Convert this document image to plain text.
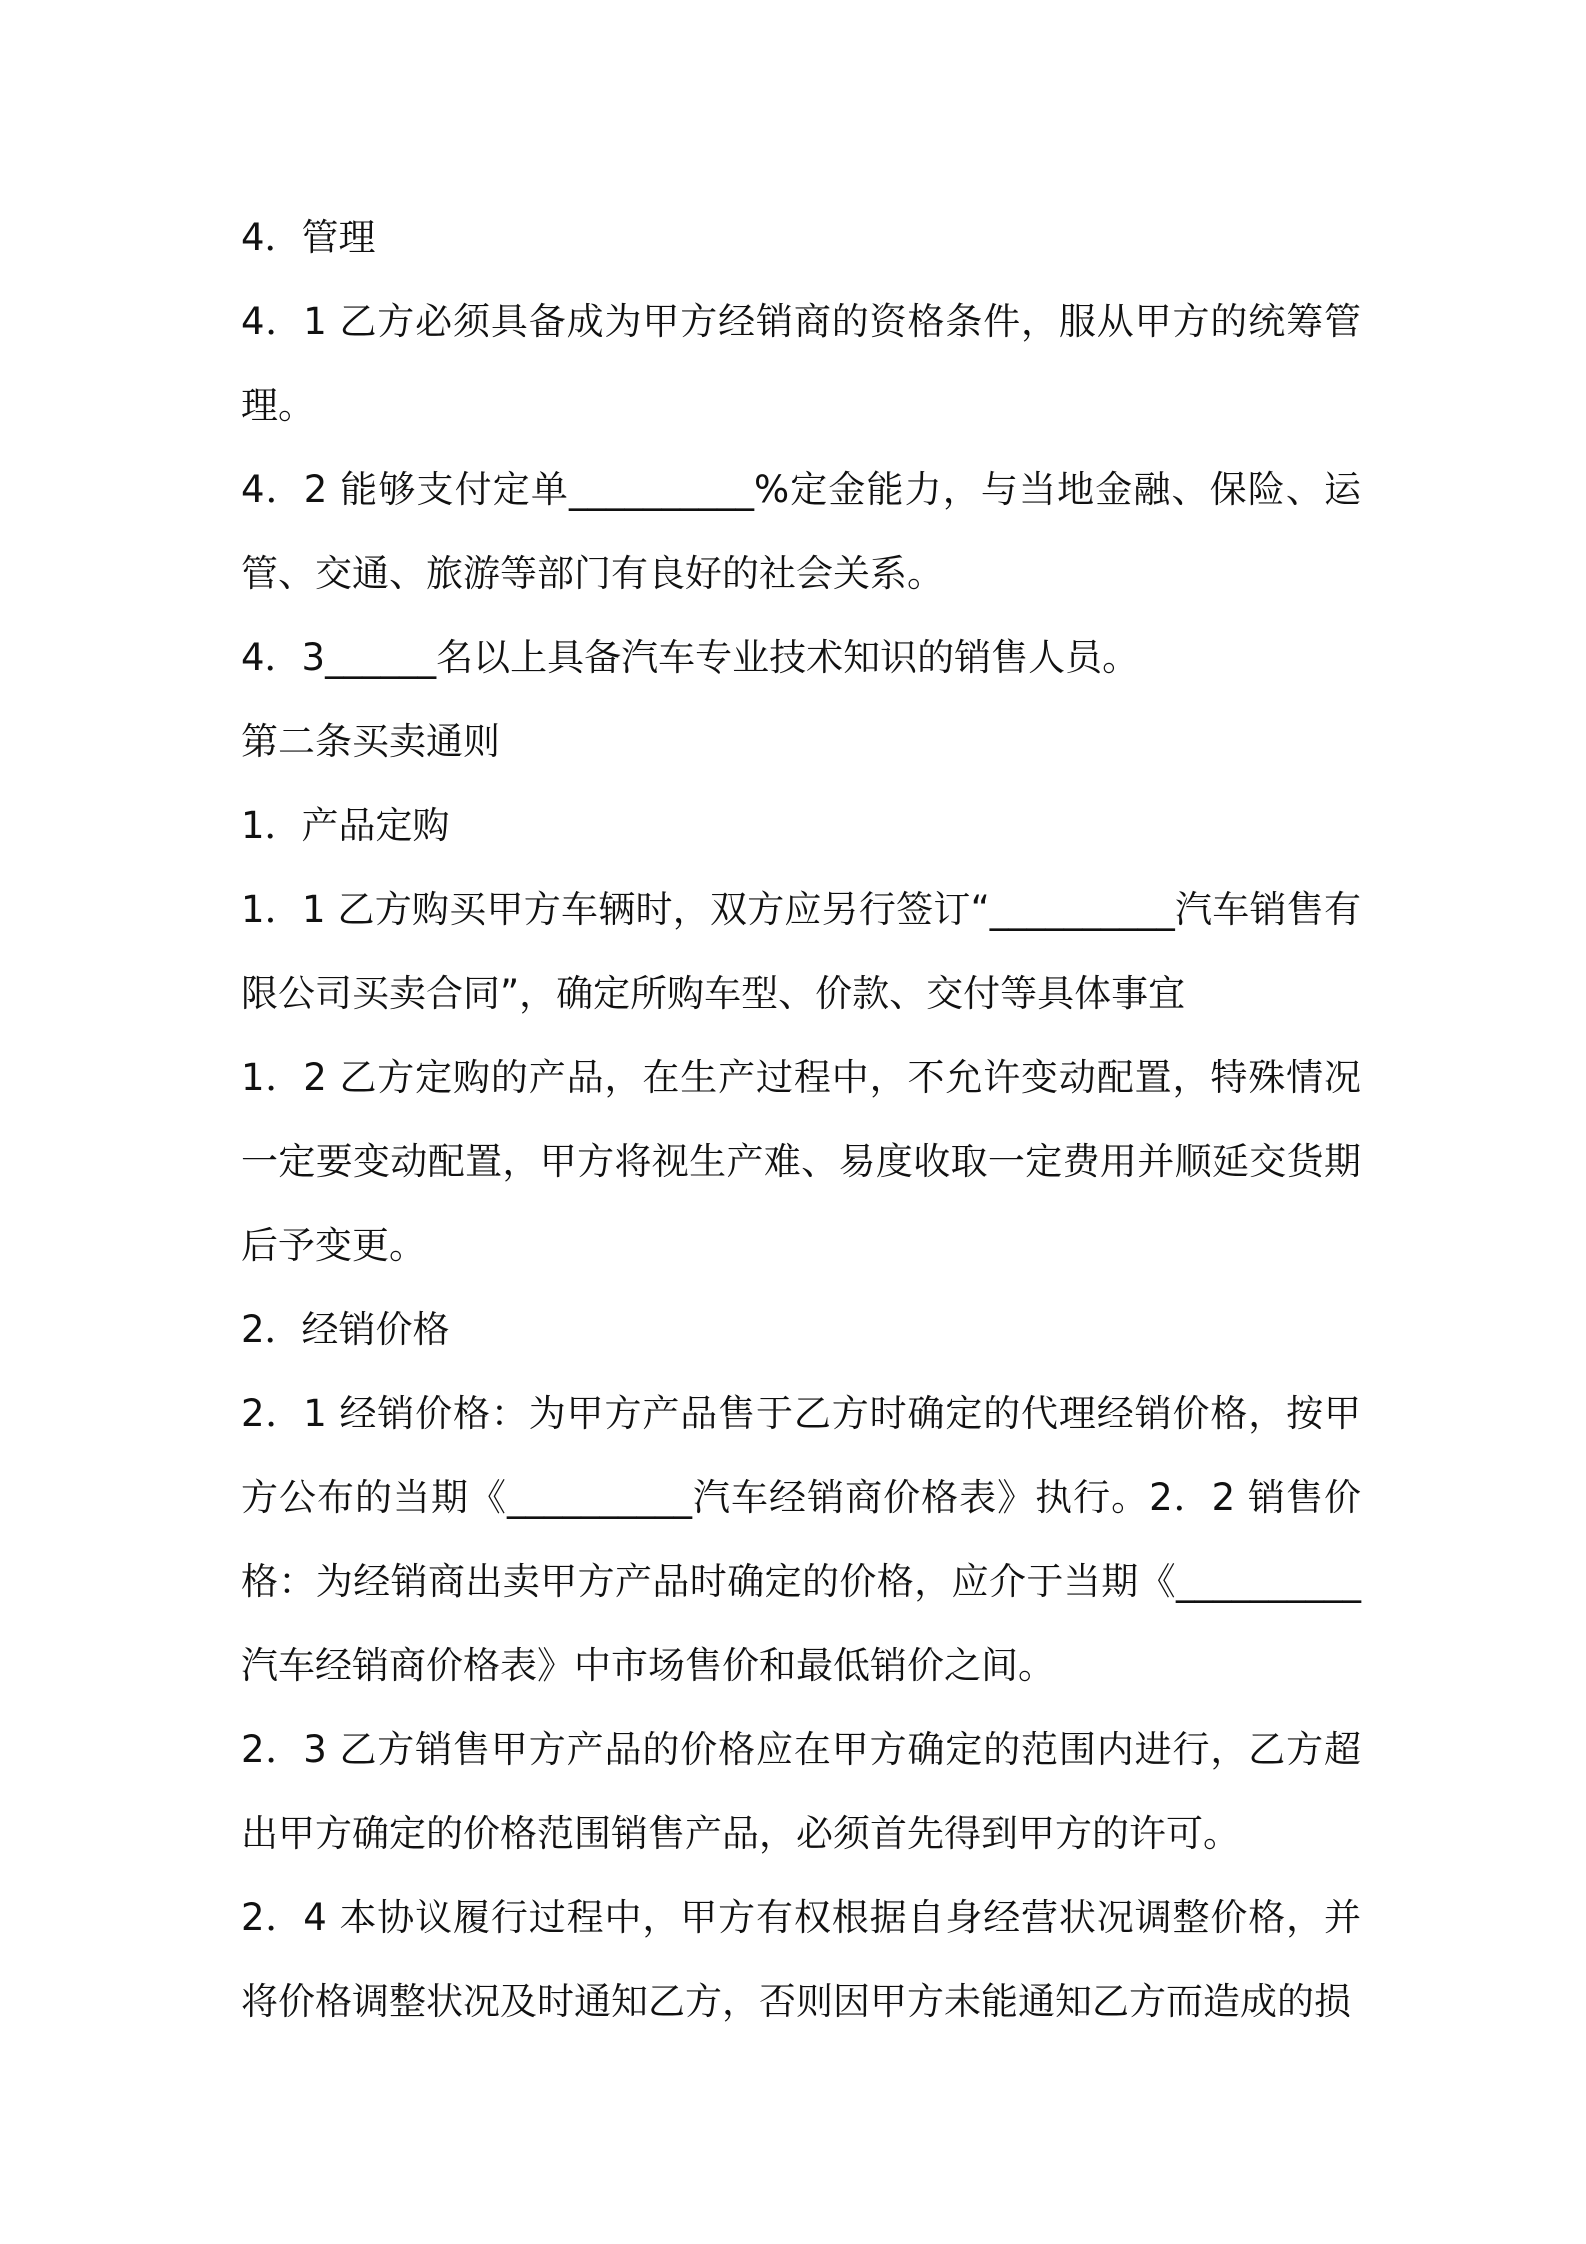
4．管理

4．1 乙方必须具备成为甲方经销商的资格条件，服从甲方的统筹管理。

4．2 能够支付定单__________%定金能力，与当地金融、保险、运管、交通、旅游等部门有良好的社会关系。

4．3______名以上具备汽车专业技术知识的销售人员。

第二条买卖通则

1．产品定购

1．1 乙方购买甲方车辆时，双方应另行签订“__________汽车销售有限公司买卖合同”，确定所购车型、价款、交付等具体事宜

1．2 乙方定购的产品，在生产过程中，不允许变动配置，特殊情况一定要变动配置，甲方将视生产难、易度收取一定费用并顺延交货期后予变更。

2．经销价格

2．1 经销价格：为甲方产品售于乙方时确定的代理经销价格，按甲方公布的当期《__________汽车经销商价格表》执行。2．2 销售价格：为经销商出卖甲方产品时确定的价格，应介于当期《__________汽车经销商价格表》中市场售价和最低销价之间。

2．3 乙方销售甲方产品的价格应在甲方确定的范围内进行，乙方超出甲方确定的价格范围销售产品，必须首先得到甲方的许可。

2．4 本协议履行过程中，甲方有权根据自身经营状况调整价格，并将价格调整状况及时通知乙方，否则因甲方未能通知乙方而造成的损
